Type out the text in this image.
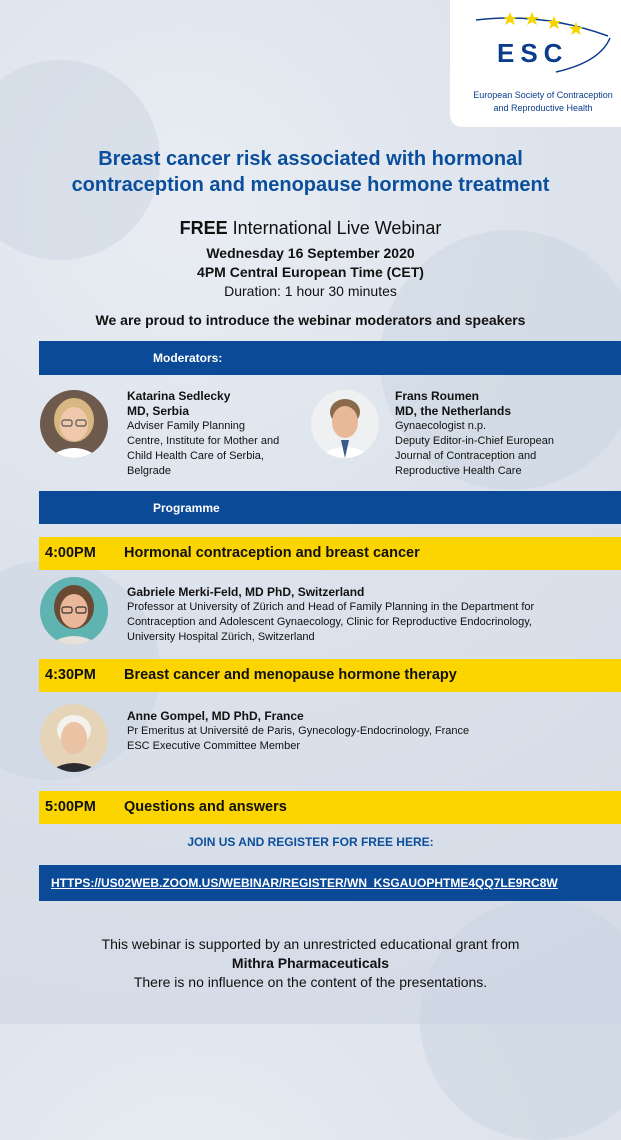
ESC
European Society of Contraception
and Reproductive Health
Breast cancer risk associated with hormonal
contraception and menopause hormone treatment
FREE International Live Webinar
Wednesday 16 September 2020
4PM Central European Time (CET)
Duration: 1 hour 30 minutes
We are proud to introduce the webinar moderators and speakers
Moderators:
Katarina Sedlecky
MD, Serbia
Adviser Family Planning
Centre, Institute for Mother and
Child Health Care of Serbia,
Belgrade
Frans Roumen
MD, the Netherlands
Gynaecologist n.p.
Deputy Editor-in-Chief European
Journal of Contraception and
Reproductive Health Care
Programme
4:00PM Hormonal contraception and breast cancer
Gabriele Merki-Feld, MD PhD, Switzerland
Professor at University of Zürich and Head of Family Planning in the Department for
Contraception and Adolescent Gynaecology, Clinic for Reproductive Endocrinology,
University Hospital Zürich, Switzerland
4:30PM Breast cancer and menopause hormone therapy
Anne Gompel, MD PhD, France
Pr Emeritus at Université de Paris, Gynecology-Endocrinology, France
ESC Executive Committee Member
5:00PM Questions and answers
JOIN US AND REGISTER FOR FREE HERE:
HTTPS://US02WEB.ZOOM.US/WEBINAR/REGISTER/WN_KSGAUOPHTME4QQ7LE9RC8W
This webinar is supported by an unrestricted educational grant from
Mithra Pharmaceuticals
There is no influence on the content of the presentations.
